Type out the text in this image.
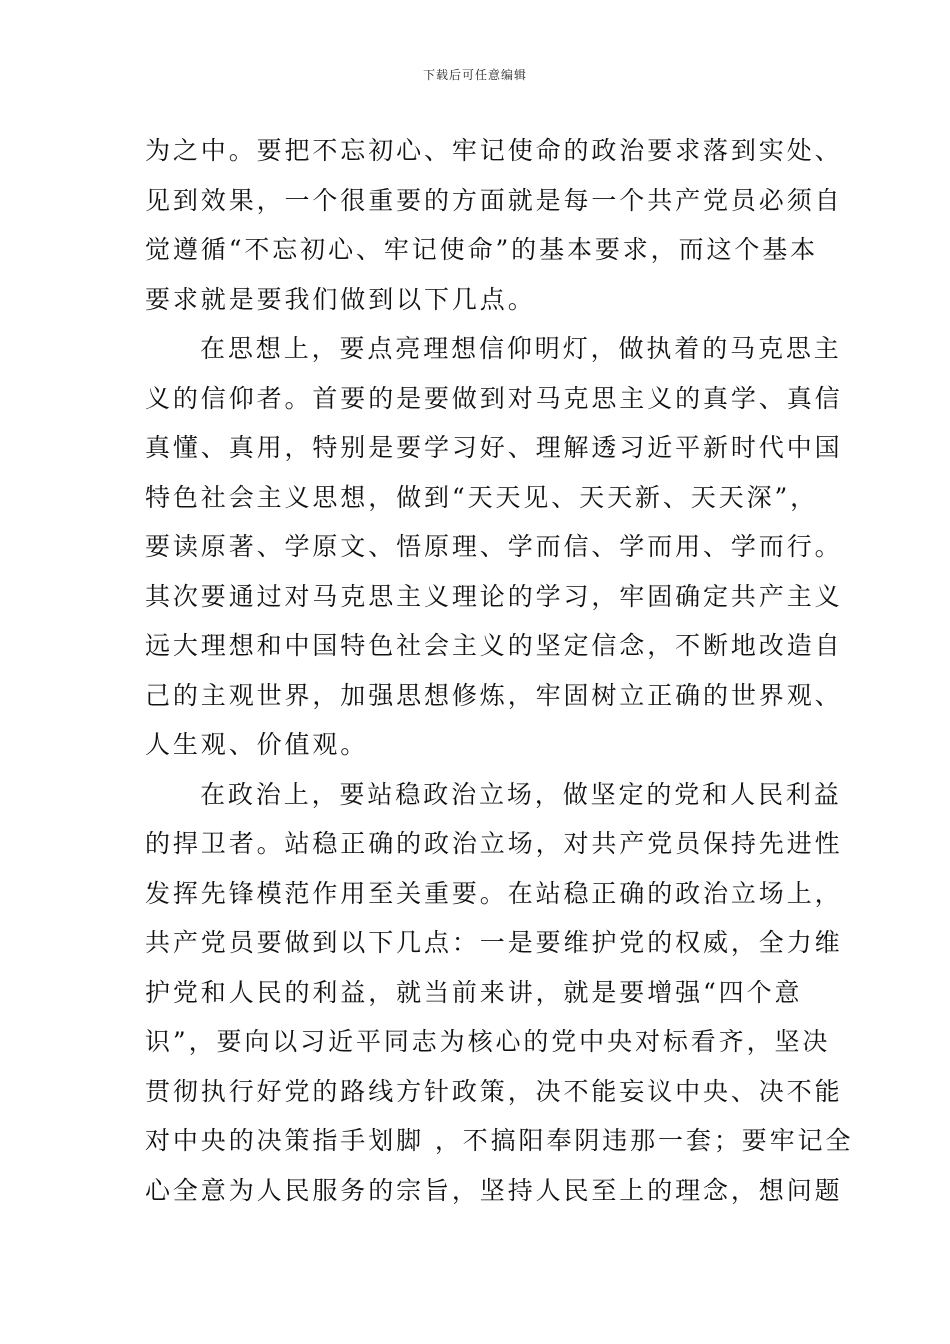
下载后可任意编辑

为之中。要把不忘初心、牢记使命的政治要求落到实处、
见到效果，一个很重要的方面就是每一个共产党员必须自
觉遵循“不忘初心、牢记使命”的基本要求，而这个基本
要求就是要我们做到以下几点。

在思想上，要点亮理想信仰明灯，做执着的马克思主
义的信仰者。首要的是要做到对马克思主义的真学、真信
真懂、真用，特别是要学习好、理解透习近平新时代中国
特色社会主义思想，做到“天天见、天天新、天天深”，
要读原著、学原文、悟原理、学而信、学而用、学而行。
其次要通过对马克思主义理论的学习，牢固确定共产主义
远大理想和中国特色社会主义的坚定信念，不断地改造自
己的主观世界，加强思想修炼，牢固树立正确的世界观、
人生观、价值观。

在政治上，要站稳政治立场，做坚定的党和人民利益
的捍卫者。站稳正确的政治立场，对共产党员保持先进性
发挥先锋模范作用至关重要。在站稳正确的政治立场上，
共产党员要做到以下几点：一是要维护党的权威，全力维
护党和人民的利益，就当前来讲，就是要增强“四个意
识”，要向以习近平同志为核心的党中央对标看齐，坚决
贯彻执行好党的路线方针政策，决不能妄议中央、决不能
对中央的决策指手划脚 ，不搞阳奉阴违那一套；要牢记全
心全意为人民服务的宗旨，坚持人民至上的理念，想问题
